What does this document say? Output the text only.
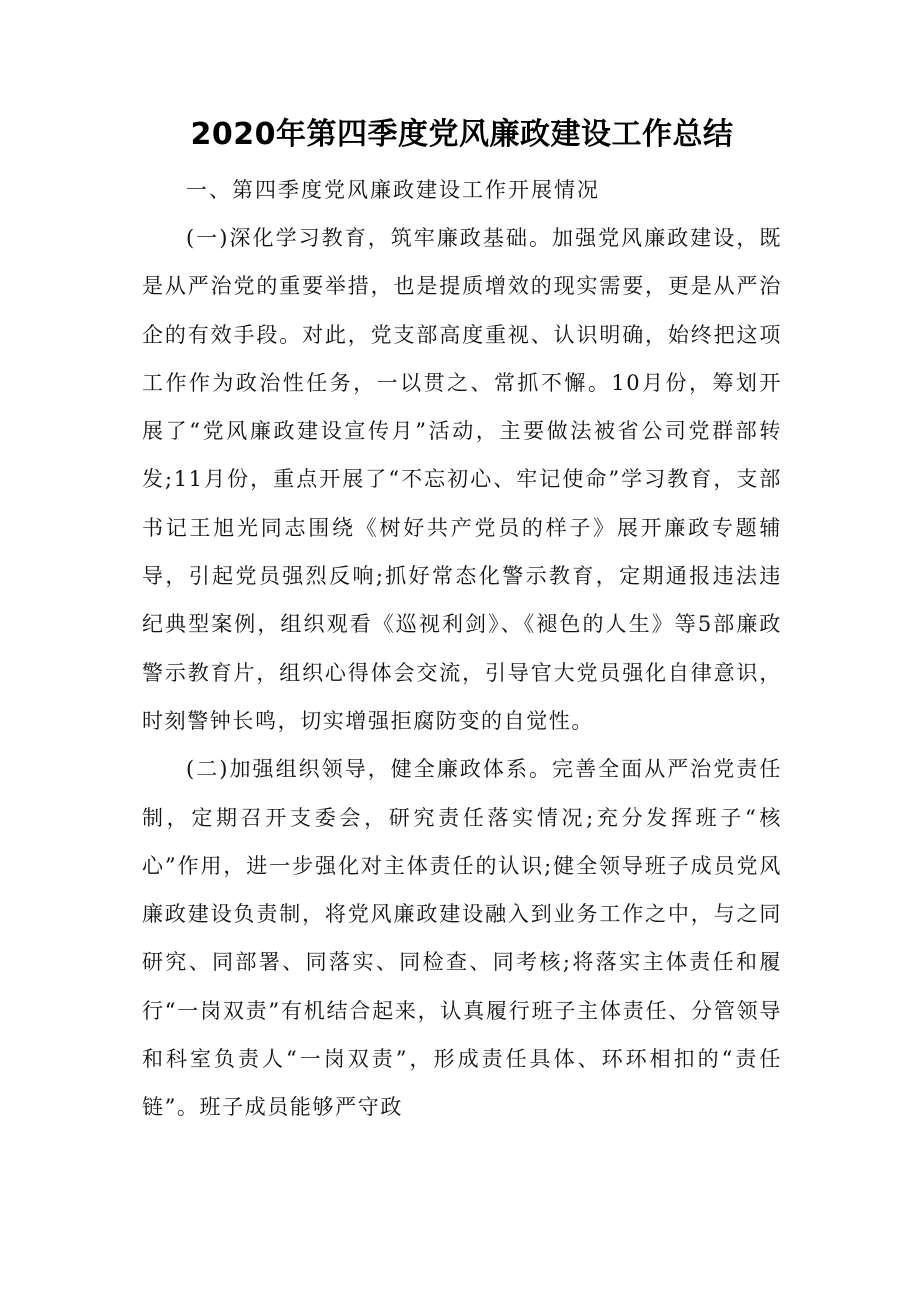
2020年第四季度党风廉政建设工作总结

一、第四季度党风廉政建设工作开展情况

(一)深化学习教育，筑牢廉政基础。加强党风廉政建设，既是从严治党的重要举措，也是提质增效的现实需要，更是从严治企的有效手段。对此，党支部高度重视、认识明确，始终把这项工作作为政治性任务，一以贯之、常抓不懈。10月份，筹划开展了“党风廉政建设宣传月”活动，主要做法被省公司党群部转发;11月份，重点开展了“不忘初心、牢记使命”学习教育，支部书记王旭光同志围绕《树好共产党员的样子》展开廉政专题辅导，引起党员强烈反响;抓好常态化警示教育，定期通报违法违纪典型案例，组织观看《巡视利剑》、《褪色的人生》等5部廉政警示教育片，组织心得体会交流，引导官大党员强化自律意识，时刻警钟长鸣，切实增强拒腐防变的自觉性。

(二)加强组织领导，健全廉政体系。完善全面从严治党责任制，定期召开支委会，研究责任落实情况;充分发挥班子“核心”作用，进一步强化对主体责任的认识;健全领导班子成员党风廉政建设负责制，将党风廉政建设融入到业务工作之中，与之同研究、同部署、同落实、同检查、同考核;将落实主体责任和履行“一岗双责”有机结合起来，认真履行班子主体责任、分管领导和科室负责人“一岗双责”，形成责任具体、环环相扣的“责任链”。班子成员能够严守政
